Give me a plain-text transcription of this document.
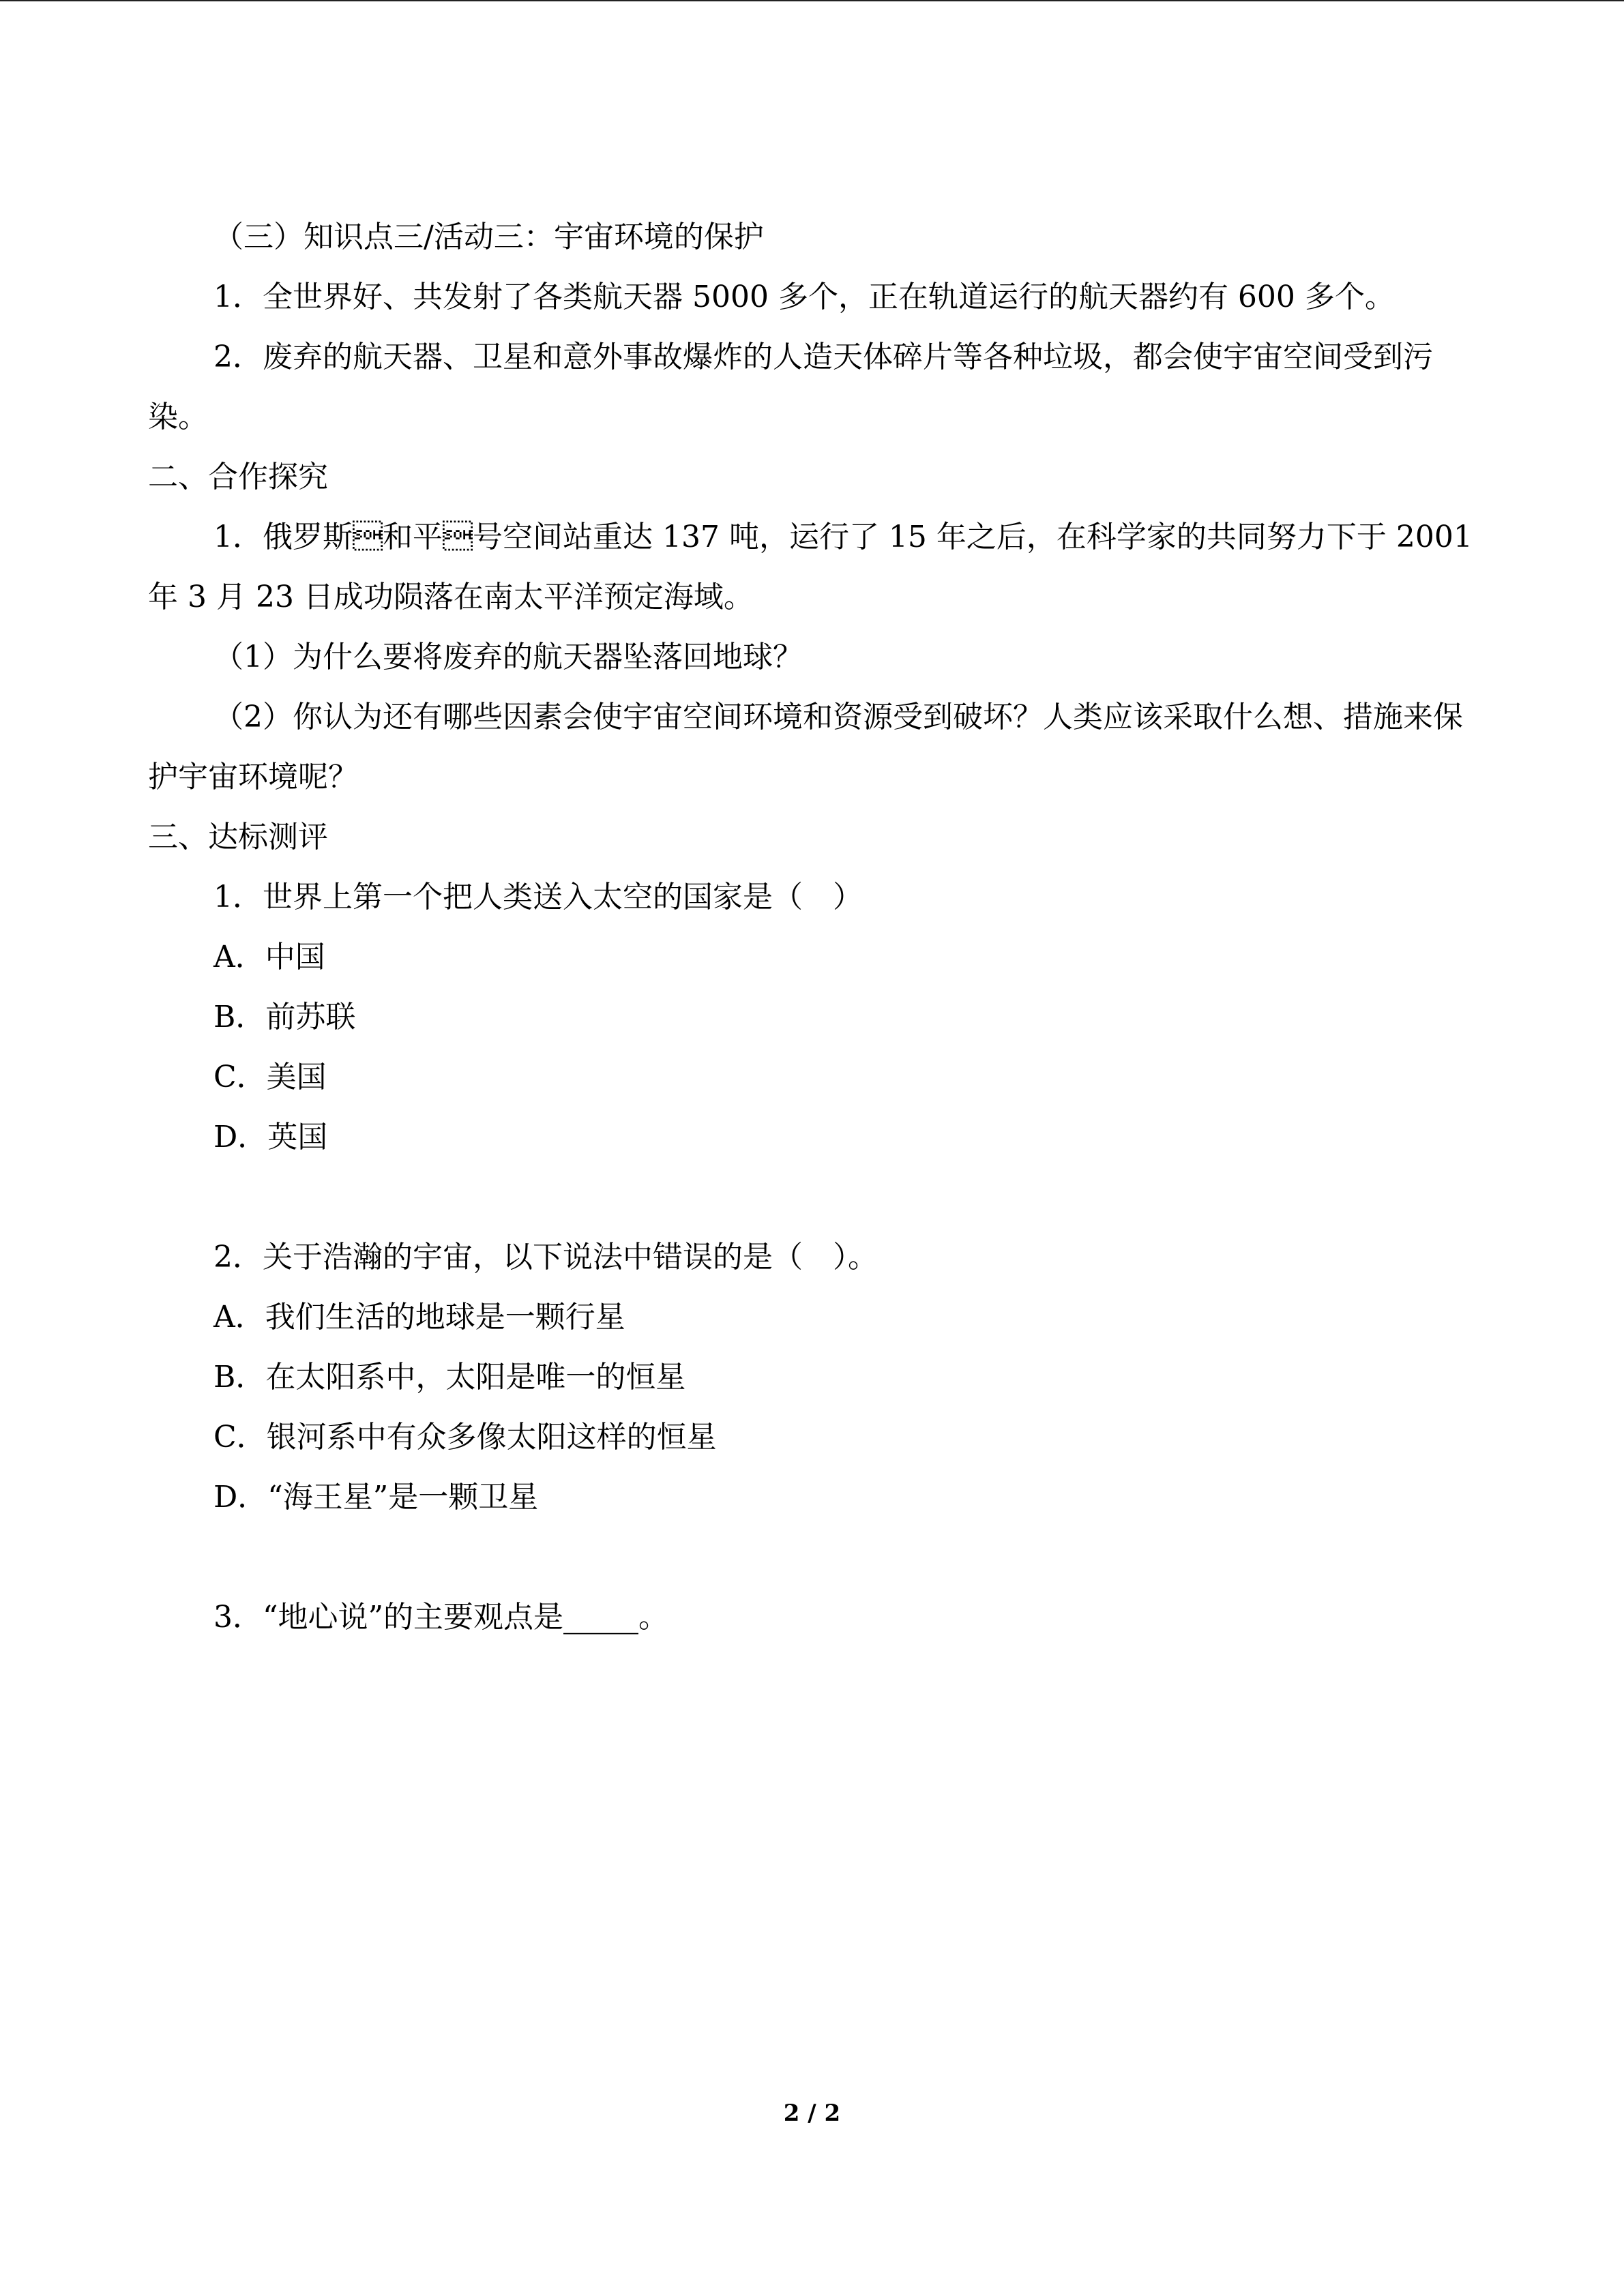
（三）知识点三/活动三：宇宙环境的保护

1．全世界好、共发射了各类航天器 5000 多个，正在轨道运行的航天器约有 600 多个。

2．废弃的航天器、卫星和意外事故爆炸的人造天体碎片等各种垃圾，都会使宇宙空间受到污染。

二、合作探究

1．俄罗斯和平号空间站重达 137 吨，运行了 15 年之后，在科学家的共同努力下于 2001 年 3 月 23 日成功陨落在南太平洋预定海域。

（1）为什么要将废弃的航天器坠落回地球？

（2）你认为还有哪些因素会使宇宙空间环境和资源受到破坏？人类应该采取什么想、措施来保护宇宙环境呢？

三、达标测评

1．世界上第一个把人类送入太空的国家是（　）

A．中国

B．前苏联

C．美国

D．英国

2．关于浩瀚的宇宙，以下说法中错误的是（　）。

A．我们生活的地球是一颗行星

B．在太阳系中，太阳是唯一的恒星

C．银河系中有众多像太阳这样的恒星

D．“海王星”是一颗卫星

3．“地心说”的主要观点是_____。

2 / 2
